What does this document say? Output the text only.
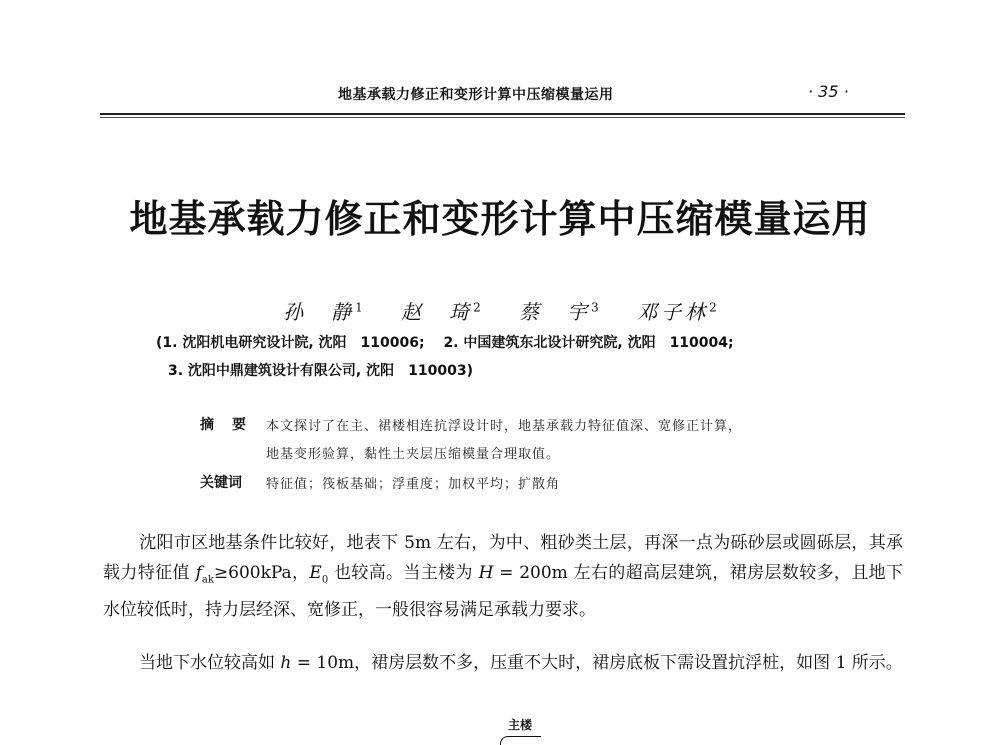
地基承载力修正和变形计算中压缩模量运用	· 35 ·
地基承载力修正和变形计算中压缩模量运用
孙　静$^1$ 赵　琦$^2$ 蔡　宇$^3$ 邓子林$^2$
(1. 沈阳机电研究设计院, 沈阳　110006;　 2. 中国建筑东北设计研究院, 沈阳　110004;
3. 沈阳中鼎建筑设计有限公司, 沈阳　110003)
摘　要 本文探讨了在主、裙楼相连抗浮设计时，地基承载力特征值深、宽修正计算，
地基变形验算，黏性土夹层压缩模量合理取值。
关键词 特征值；筏板基础；浮重度；加权平均；扩散角
沈阳市区地基条件比较好，地表下 5m 左右，为中、粗砂类土层，再深一点为砾砂层或圆砾层，其承载力特征值 $f_{ak}\ge 600kPa$，$E_0$ 也较高。当主楼为 H = 200m 左右的超高层建筑，裙房层数较多，且地下水位较低时，持力层经深、宽修正，一般很容易满足承载力要求。
当地下水位较高如 h = 10m，裙房层数不多，压重不大时，裙房底板下需设置抗浮桩，如图 1 所示。
主楼
